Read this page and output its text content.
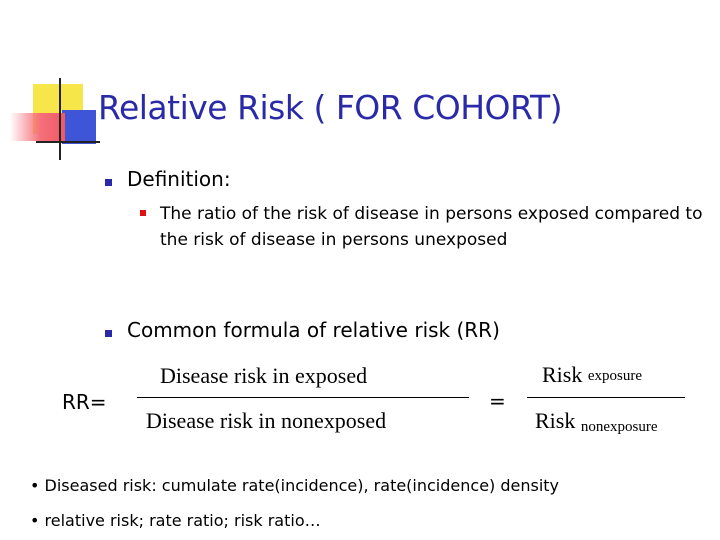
Relative Risk ( FOR COHORT)
Definition:
The ratio of the risk of disease in persons exposed compared to the risk of disease in persons unexposed
Common formula of relative risk (RR)
RR=
Disease risk in exposed
Disease risk in nonexposed
=
Risk $^{exposure}$
Risk $_{nonexposure}$
• Diseased risk: cumulate rate(incidence), rate(incidence) density
• relative risk; rate ratio; risk ratio…
